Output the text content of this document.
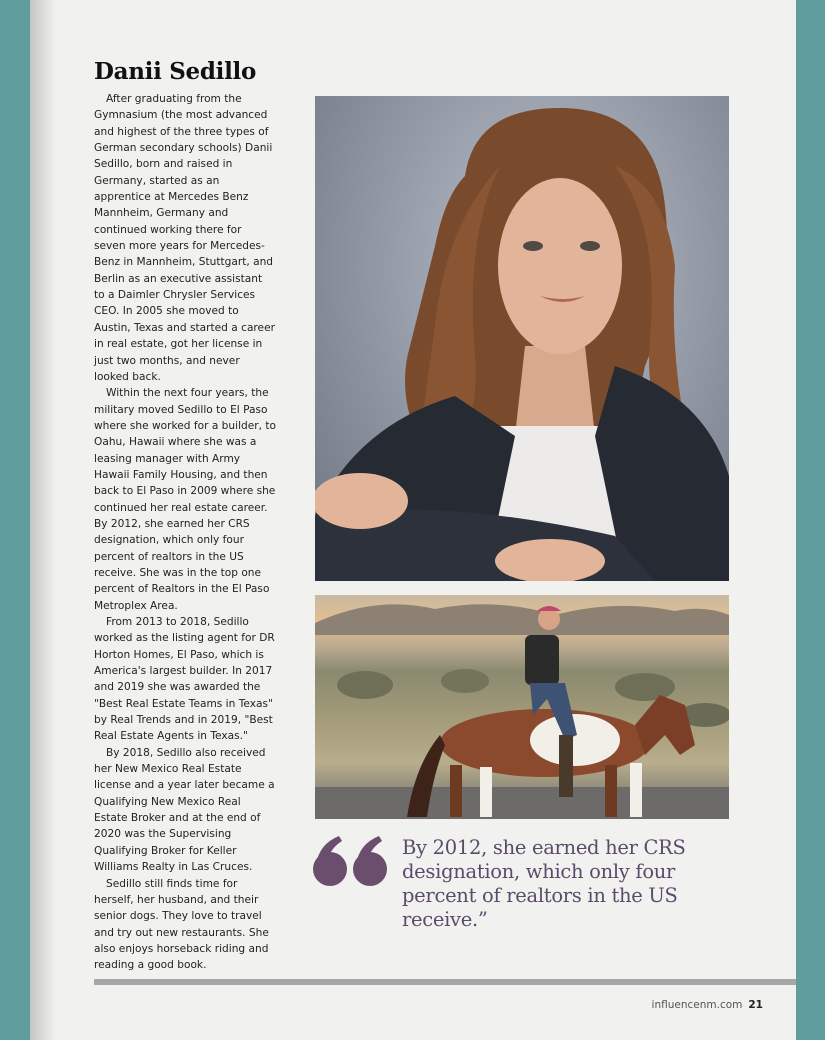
Danii Sedillo

After graduating from the Gymnasium (the most advanced and highest of the three types of German secondary schools) Danii Sedillo, born and raised in Germany, started as an apprentice at Mercedes Benz Mannheim, Germany and continued working there for seven more years for Mercedes-Benz in Mannheim, Stuttgart, and Berlin as an executive assistant to a Daimler Chrysler Services CEO. In 2005 she moved to Austin, Texas and started a career in real estate, got her license in just two months, and never looked back.

Within the next four years, the military moved Sedillo to El Paso where she worked for a builder, to Oahu, Hawaii where she was a leasing manager with Army Hawaii Family Housing, and then back to El Paso in 2009 where she continued her real estate career. By 2012, she earned her CRS designation, which only four percent of realtors in the US receive. She was in the top one percent of Realtors in the El Paso Metroplex Area.

From 2013 to 2018, Sedillo worked as the listing agent for DR Horton Homes, El Paso, which is America's largest builder. In 2017 and 2019 she was awarded the "Best Real Estate Teams in Texas" by Real Trends and in 2019, "Best Real Estate Agents in Texas."

By 2018, Sedillo also received her New Mexico Real Estate license and a year later became a Qualifying New Mexico Real Estate Broker and at the end of 2020 was the Supervising Qualifying Broker for Keller Williams Realty in Las Cruces.

Sedillo still finds time for herself, her husband, and their senior dogs. They love to travel and try out new restaurants. She also enjoys horseback riding and reading a good book.

By 2012, she earned her CRS designation, which only four percent of realtors in the US receive.”

influencenm.com 21
